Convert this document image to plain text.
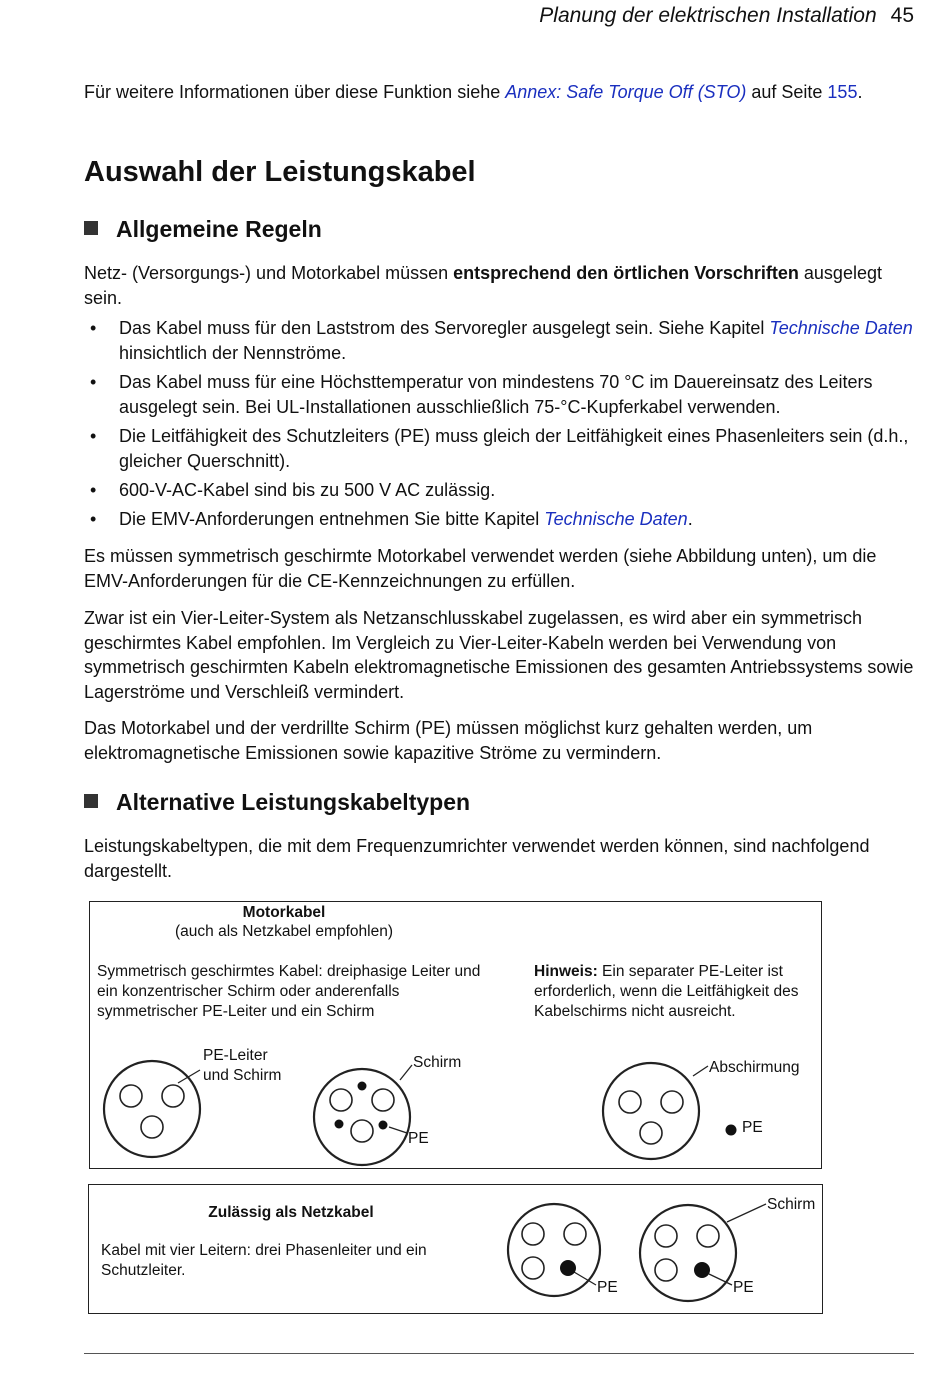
Planung der elektrischen Installation 45
Für weitere Informationen über diese Funktion siehe Annex: Safe Torque Off (STO) auf Seite 155.
Auswahl der Leistungskabel
Allgemeine Regeln
Netz- (Versorgungs-) und Motorkabel müssen entsprechend den örtlichen Vorschriften ausgelegt sein.
• Das Kabel muss für den Laststrom des Servoregler ausgelegt sein. Siehe Kapitel Technische Daten hinsichtlich der Nennströme.
• Das Kabel muss für eine Höchsttemperatur von mindestens 70 °C im Dauereinsatz des Leiters ausgelegt sein. Bei UL-Installationen ausschließlich 75-°C-Kupferkabel verwenden.
• Die Leitfähigkeit des Schutzleiters (PE) muss gleich der Leitfähigkeit eines Phasenleiters sein (d.h., gleicher Querschnitt).
• 600-V-AC-Kabel sind bis zu 500 V AC zulässig.
• Die EMV-Anforderungen entnehmen Sie bitte Kapitel Technische Daten.
Es müssen symmetrisch geschirmte Motorkabel verwendet werden (siehe Abbildung unten), um die EMV-Anforderungen für die CE-Kennzeichnungen zu erfüllen.
Zwar ist ein Vier-Leiter-System als Netzanschlusskabel zugelassen, es wird aber ein symmetrisch geschirmtes Kabel empfohlen. Im Vergleich zu Vier-Leiter-Kabeln werden bei Verwendung von symmetrisch geschirmten Kabeln elektromagnetische Emissionen des gesamten Antriebssystems sowie Lagerströme und Verschleiß vermindert.
Das Motorkabel und der verdrillte Schirm (PE) müssen möglichst kurz gehalten werden, um elektromagnetische Emissionen sowie kapazitive Ströme zu vermindern.
Alternative Leistungskabeltypen
Leistungskabeltypen, die mit dem Frequenzumrichter verwendet werden können, sind nachfolgend dargestellt.
Motorkabel
(auch als Netzkabel empfohlen)
Symmetrisch geschirmtes Kabel: dreiphasige Leiter und ein konzentrischer Schirm oder anderenfalls symmetrischer PE-Leiter und ein Schirm
Hinweis: Ein separater PE-Leiter ist erforderlich, wenn die Leitfähigkeit des Kabelschirms nicht ausreicht.
PE-Leiter
und Schirm
Schirm
PE
Abschirmung
PE
Zulässig als Netzkabel
Kabel mit vier Leitern: drei Phasenleiter und ein Schutzleiter.
Schirm
PE	PE
